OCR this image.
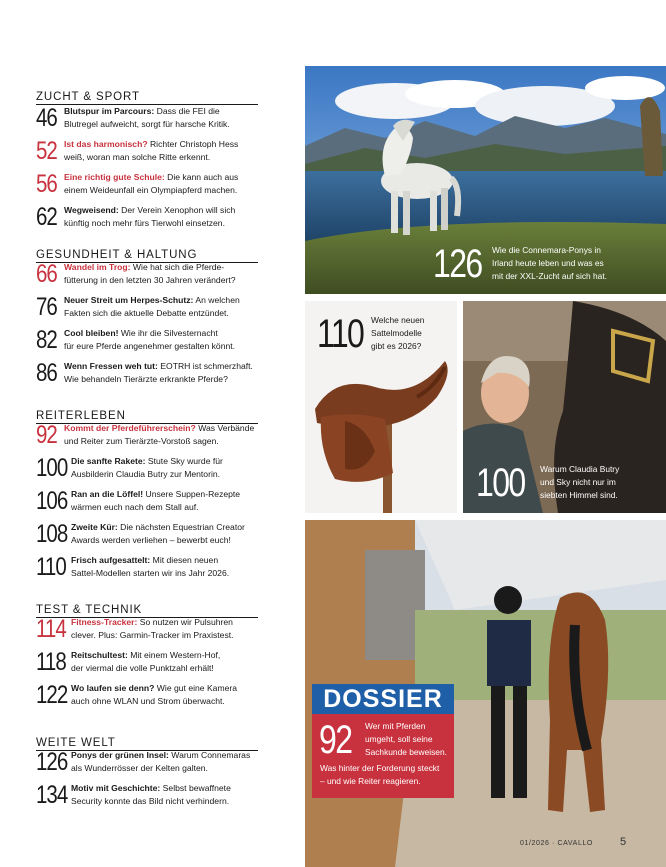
ZUCHT & SPORT
46 Blutspur im Parcours: Dass die FEI die
Blutregel aufweicht, sorgt für harsche Kritik.
52 Ist das harmonisch? Richter Christoph Hess
weiß, woran man solche Ritte erkennt.
56 Eine richtig gute Schule: Die kann auch aus
einem Weideunfall ein Olympiapferd machen.
62 Wegweisend: Der Verein Xenophon will sich
künftig noch mehr fürs Tierwohl einsetzen.
GESUNDHEIT & HALTUNG
66 Wandel im Trog: Wie hat sich die Pferde-
fütterung in den letzten 30 Jahren verändert?
76 Neuer Streit um Herpes-Schutz: An welchen
Fakten sich die aktuelle Debatte entzündet.
82 Cool bleiben! Wie ihr die Silvesternacht
für eure Pferde angenehmer gestalten könnt.
86 Wenn Fressen weh tut: EOTRH ist schmerzhaft.
Wie behandeln Tierärzte erkrankte Pferde?
REITERLEBEN
92 Kommt der Pferdeführerschein? Was Verbände
und Reiter zum Tierärzte-Vorstoß sagen.
100 Die sanfte Rakete: Stute Sky wurde für
Ausbilderin Claudia Butry zur Mentorin.
106 Ran an die Löffel! Unsere Suppen-Rezepte
wärmen euch nach dem Stall auf.
108 Zweite Kür: Die nächsten Equestrian Creator
Awards werden verliehen – bewerbt euch!
110 Frisch aufgesattelt: Mit diesen neuen
Sattel-Modellen starten wir ins Jahr 2026.
TEST & TECHNIK
114 Fitness-Tracker: So nutzen wir Pulsuhren
clever. Plus: Garmin-Tracker im Praxistest.
118 Reitschultest: Mit einem Western-Hof,
der viermal die volle Punktzahl erhält!
122 Wo laufen sie denn? Wie gut eine Kamera
auch ohne WLAN und Strom überwacht.
WEITE WELT
126 Ponys der grünen Insel: Warum Connemaras
als Wunderrösser der Kelten galten.
134 Motiv mit Geschichte: Selbst bewaffnete
Security konnte das Bild nicht verhindern.
126 Wie die Connemara-Ponys in
Irland heute leben und was es
mit der XXL-Zucht auf sich hat.
110 Welche neuen
Sattelmodelle
gibt es 2026?
100 Warum Claudia Butry
und Sky nicht nur im
siebten Himmel sind.
DOSSIER
92 Wer mit Pferden
umgeht, soll seine
Sachkunde beweisen.
Was hinter der Forderung steckt
– und wie Reiter reagieren.
01/2026 · CAVALLO 5
